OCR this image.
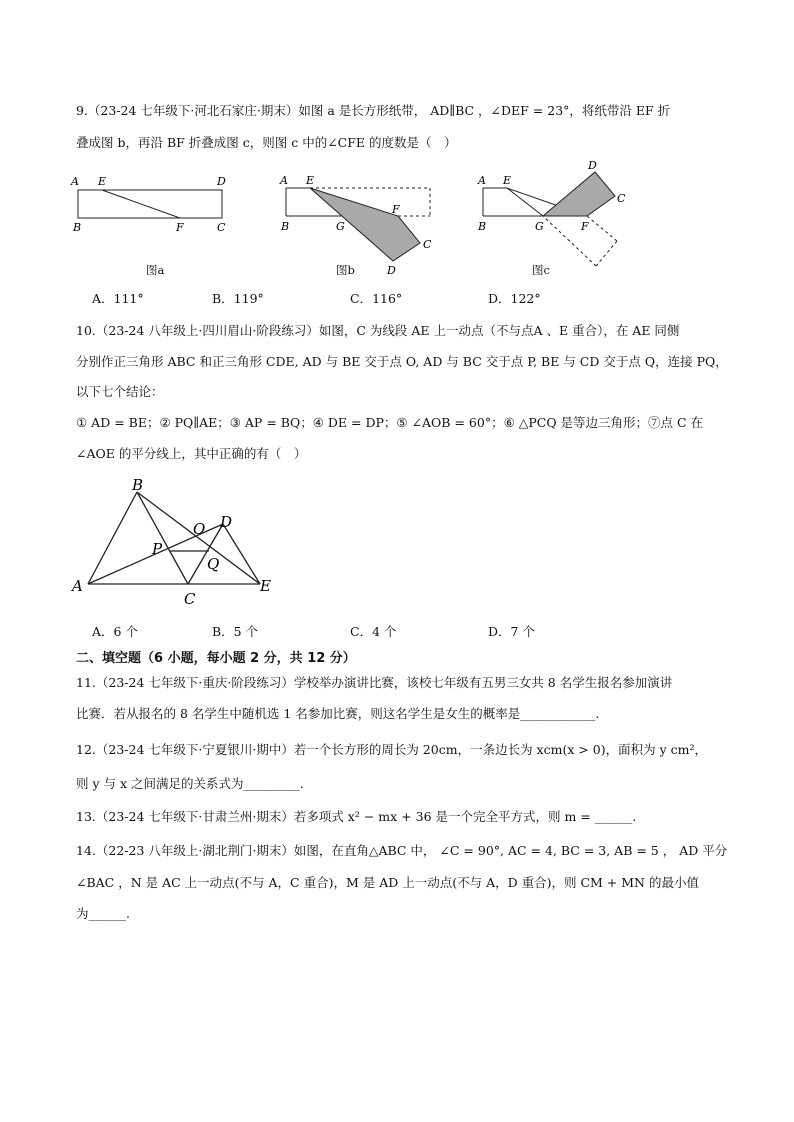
9.（23-24 七年级下·河北石家庄·期末）如图 a 是长方形纸带， AD∥BC ，∠DEF = 23°，将纸带沿 EF 折
叠成图 b，再沿 BF 折叠成图 c，则图 c 中的∠CFE 的度数是（　）
A E	D
B	F	C
图a
A E
F
B	G
C
D
图b
A E
D
C
B	G	F
图c
A．111°	B．119°	C．116°	D．122°
10.（23-24 八年级上·四川眉山·阶段练习）如图，C 为线段 AE 上一动点（不与点A 、E 重合），在 AE 同侧
分别作正三角形 ABC 和正三角形 CDE, AD 与 BE 交于点 O, AD 与 BC 交于点 P, BE 与 CD 交于点 Q，连接 PQ，
以下七个结论：
① AD = BE；② PQ∥AE；③ AP = BQ；④ DE = DP；⑤ ∠AOB = 60°；⑥ △PCQ 是等边三角形；⑦点 C 在
∠AOE 的平分线上，其中正确的有（　）
B
O D
P
Q
A
C
E
A．6 个	B．5 个	C．4 个	D．7 个
二、填空题（6 小题，每小题 2 分，共 12 分）
11.（23-24 七年级下·重庆·阶段练习）学校举办演讲比赛，该校七年级有五男三女共 8 名学生报名参加演讲
比赛．若从报名的 8 名学生中随机选 1 名参加比赛，则这名学生是女生的概率是____________.
12.（23-24 七年级下·宁夏银川·期中）若一个长方形的周长为 20cm，一条边长为 xcm(x > 0)，面积为 y cm²，
则 y 与 x 之间满足的关系式为_________.
13.（23-24 七年级下·甘肃兰州·期末）若多项式 x² − mx + 36 是一个完全平方式，则 m = ______.
14.（22-23 八年级上·湖北荆门·期末）如图，在直角△ABC 中， ∠C = 90°, AC = 4, BC = 3, AB = 5 ， AD 平分
∠BAC ，N 是 AC 上一动点(不与 A，C 重合)，M 是 AD 上一动点(不与 A，D 重合)，则 CM + MN 的最小值
为______.
